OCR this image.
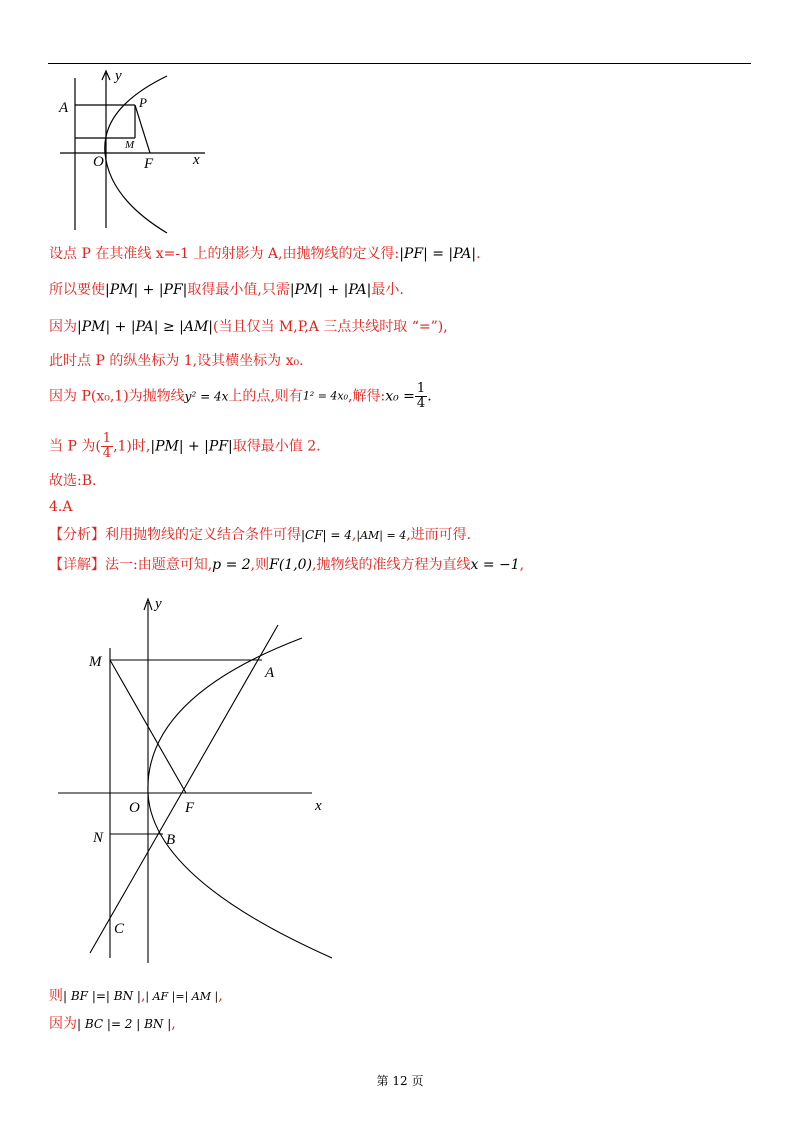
y
A	P
M
O	F	x
设点 P 在其准线 x=-1 上的射影为 A,由抛物线的定义得:|PF| = |PA|.
所以要使|PM| + |PF|取得最小值,只需|PM| + |PA|最小.
因为|PM| + |PA| ≥ |AM|(当且仅当 M,P,A 三点共线时取 “=”),
此时点 P 的纵坐标为 1,设其横坐标为 x₀.
因为 P(x₀,1)为抛物线y² = 4x上的点,则有1² = 4x₀,解得:x₀ = $\frac{1}{4}$ .
当 P 为( $\frac{1}{4} ,1$)时,|PM| + |PF|取得最小值 2.
故选:B.
4.A
【分析】利用抛物线的定义结合条件可得|CF| = 4,|AM| = 4,进而可得.
【详解】法一:由题意可知,p = 2,则F(1,0),抛物线的准线方程为直线x = −1,
y
M
A
O	F	x
N	B
C
则| BF |=| BN |,| AF |=| AM |,
因为| BC |= 2 | BN |,
第 12 页
